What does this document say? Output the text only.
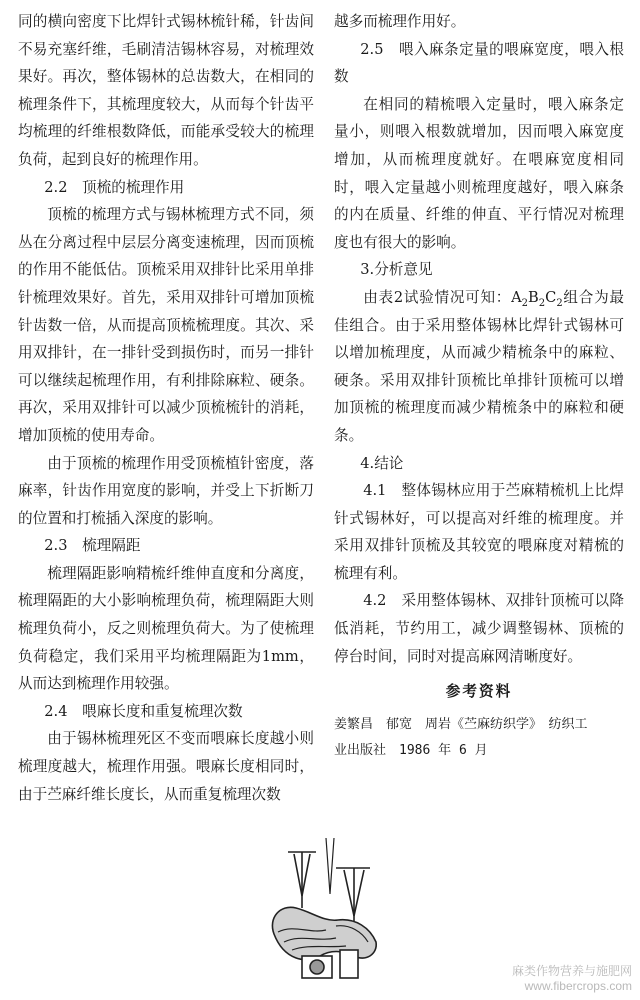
同的横向密度下比焊针式锡林梳针稀，针齿间不易充塞纤维，毛刷清洁锡林容易，对梳理效果好。再次，整体锡林的总齿数大，在相同的梳理条件下，其梳理度较大，从而每个针齿平均梳理的纤维根数降低，而能承受较大的梳理负荷，起到良好的梳理作用。

2.2　顶梳的梳理作用

顶梳的梳理方式与锡林梳理方式不同，须丛在分离过程中层层分离变速梳理，因而顶梳的作用不能低估。顶梳采用双排针比采用单排针梳理效果好。首先，采用双排针可增加顶梳针齿数一倍，从而提高顶梳梳理度。其次、采用双排针，在一排针受到损伤时，而另一排针可以继续起梳理作用，有利排除麻粒、硬条。再次，采用双排针可以减少顶梳梳针的消耗，增加顶梳的使用寿命。

由于顶梳的梳理作用受顶梳植针密度，落麻率，针齿作用宽度的影响，并受上下折断刀的位置和打梳插入深度的影响。

2.3　梳理隔距

梳理隔距影响精梳纤维伸直度和分离度，梳理隔距的大小影响梳理负荷，梳理隔距大则梳理负荷小，反之则梳理负荷大。为了使梳理负荷稳定，我们采用平均梳理隔距为1mm，从而达到梳理作用较强。

2.4　喂麻长度和重复梳理次数

由于锡林梳理死区不变而喂麻长度越小则梳理度越大，梳理作用强。喂麻长度相同时，由于苎麻纤维长度长，从而重复梳理次数

越多而梳理作用好。

2.5　喂入麻条定量的喂麻宽度，喂入根数

在相同的精梳喂入定量时，喂入麻条定量小，则喂入根数就增加，因而喂入麻宽度增加，从而梳理度就好。在喂麻宽度相同时，喂入定量越小则梳理度越好，喂入麻条的内在质量、纤维的伸直、平行情况对梳理度也有很大的影响。

3.分析意见

由表2试验情况可知：$A_2B_2C_2$组合为最佳组合。由于采用整体锡林比焊针式锡林可以增加梳理度，从而减少精梳条中的麻粒、硬条。采用双排针顶梳比单排针顶梳可以增加顶梳的梳理度而减少精梳条中的麻粒和硬条。

4.结论

4.1　整体锡林应用于苎麻精梳机上比焊针式锡林好，可以提高对纤维的梳理度。并采用双排针顶梳及其较宽的喂麻度对精梳的梳理有利。

4.2　采用整体锡林、双排针顶梳可以降低消耗，节约用工，减少调整锡林、顶梳的停台时间，同时对提高麻网清晰度好。

参考资料

姜繁昌　郁宽　周岩《苎麻纺织学》　纺织工

业出版社　1986 年 6 月

麻类作物营养与施肥网
www.fibercrops.com
